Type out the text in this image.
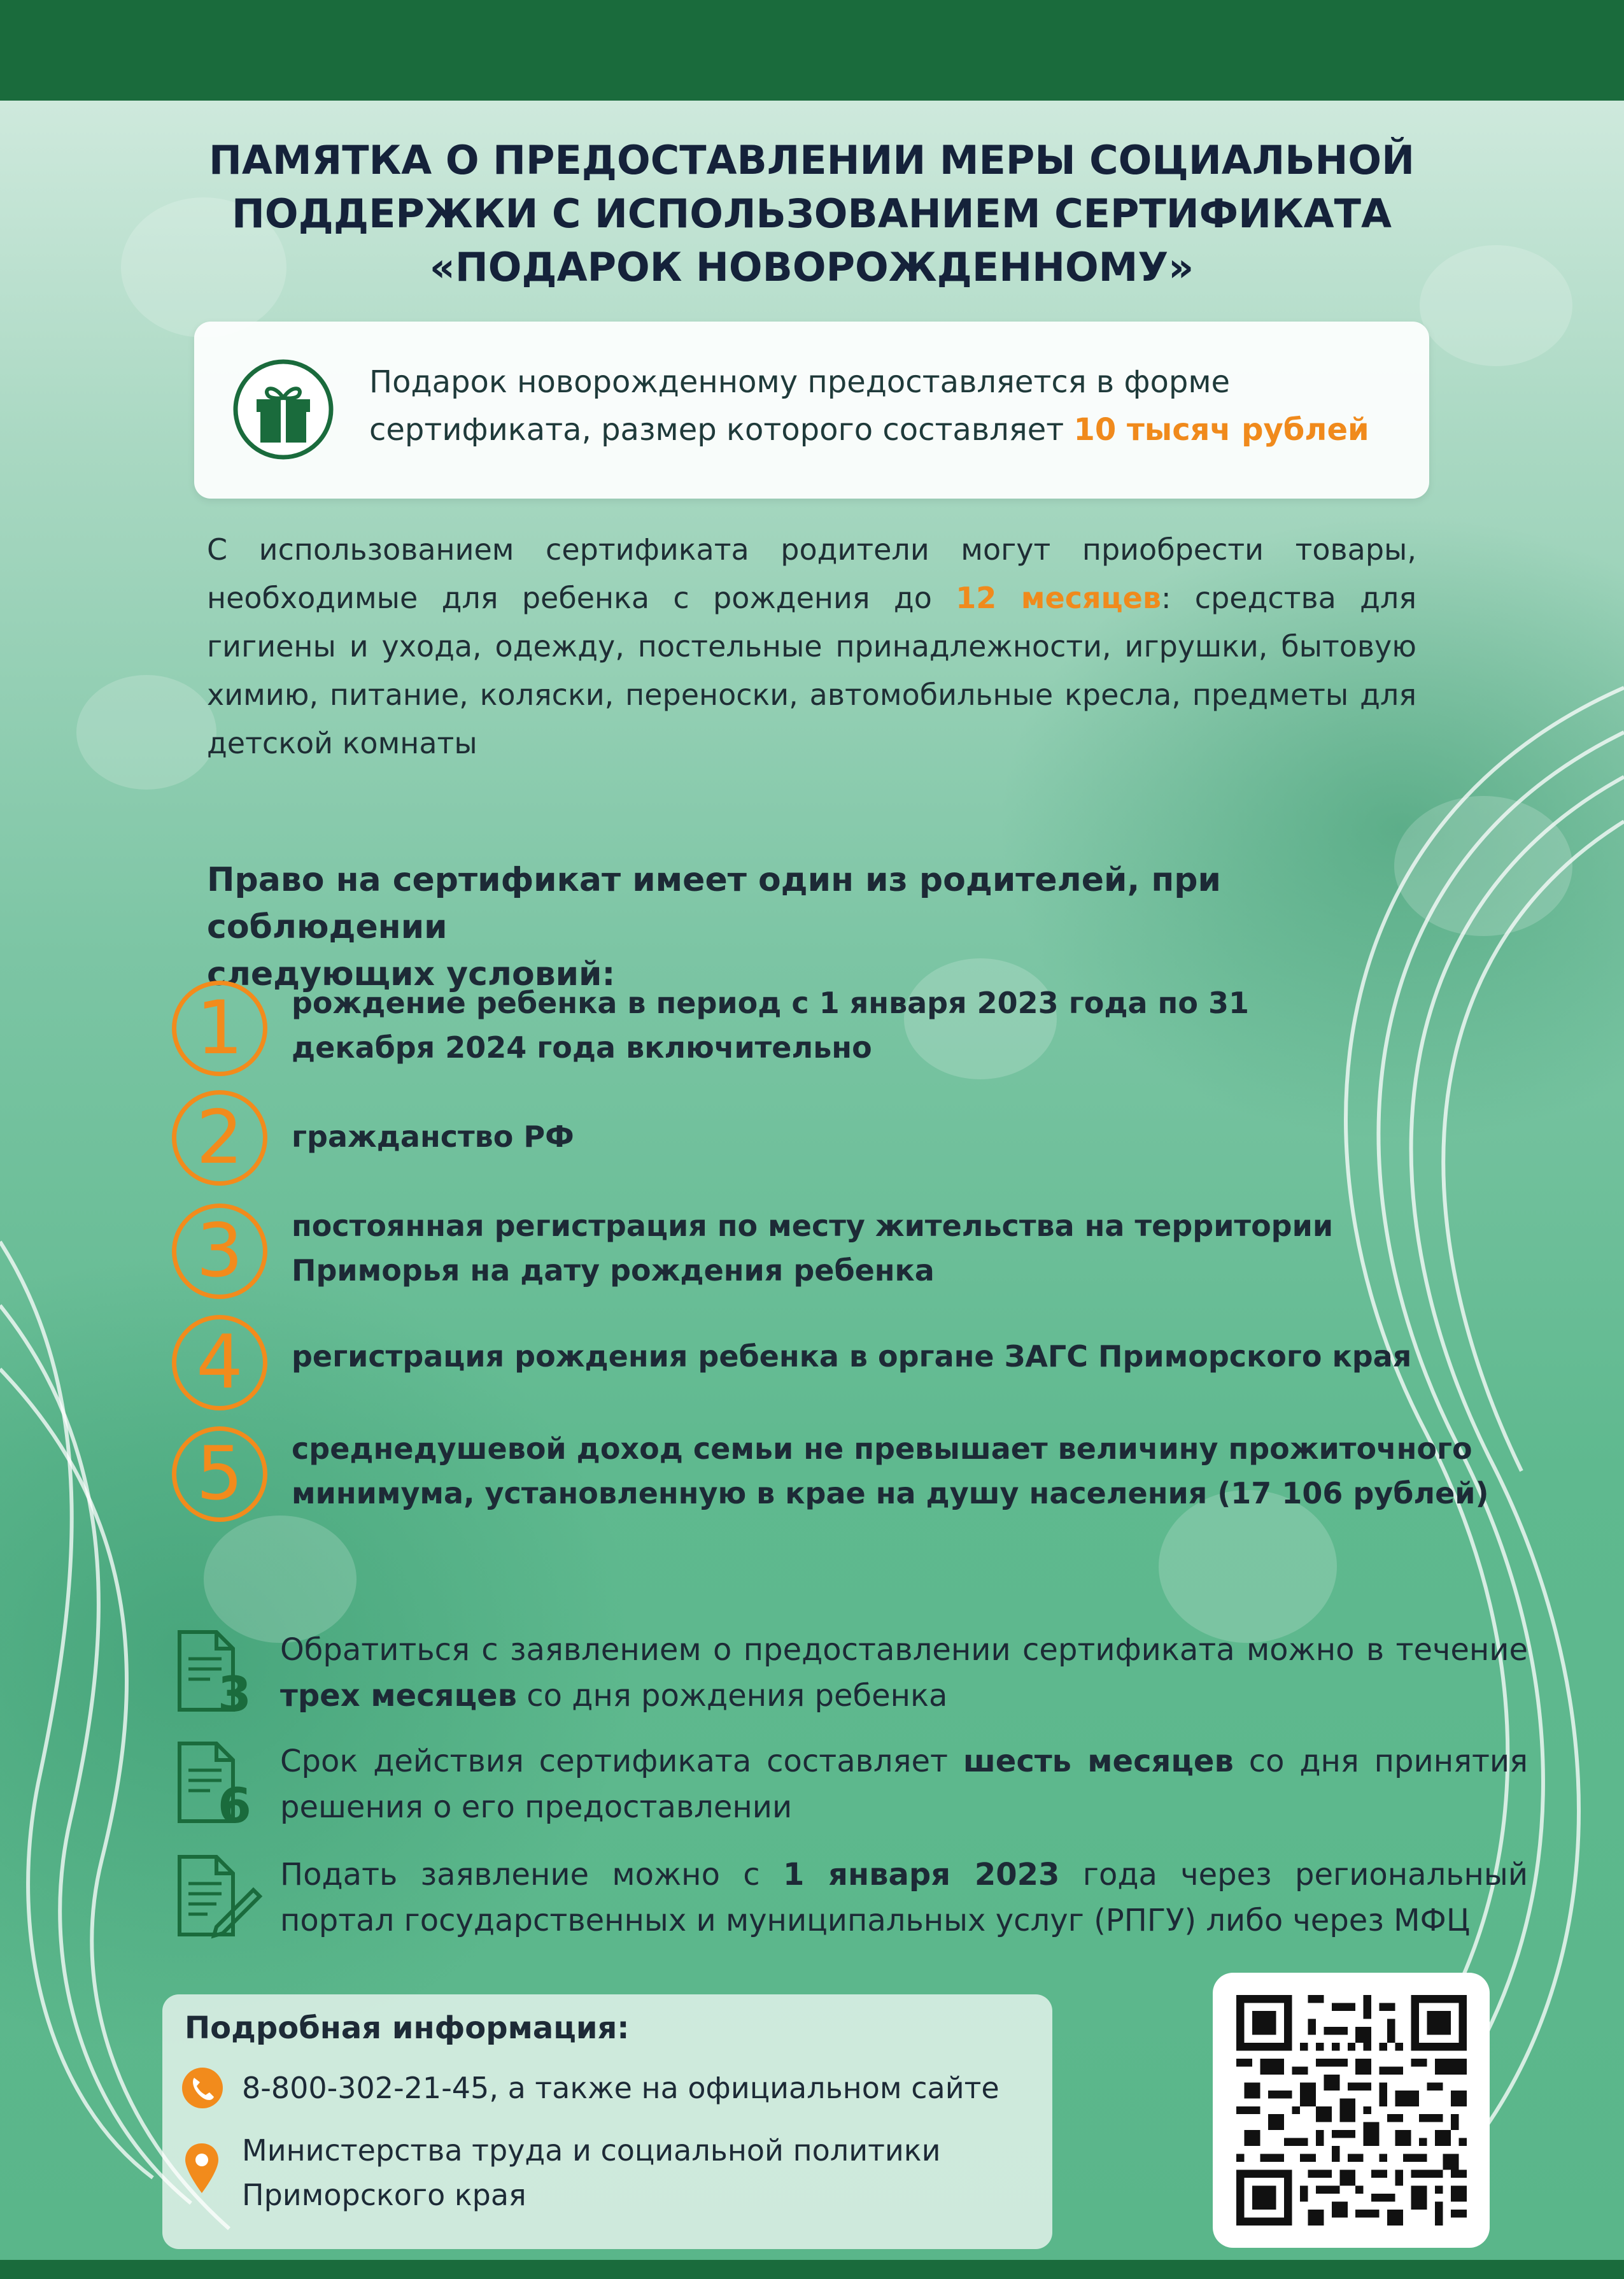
ПАМЯТКА О ПРЕДОСТАВЛЕНИИ МЕРЫ СОЦИАЛЬНОЙ
ПОДДЕРЖКИ С ИСПОЛЬЗОВАНИЕМ СЕРТИФИКАТА
«ПОДАРОК НОВОРОЖДЕННОМУ»
Подарок новорожденному предоставляется в форме
сертификата, размер которого составляет 10 тысяч рублей

С использованием сертификата родители могут приобрести товары, необходимые для ребенка с рождения до 12 месяцев: средства для гигиены и ухода, одежду, постельные принадлежности, игрушки, бытовую химию, питание, коляски, переноски, автомобильные кресла, предметы для детской комнаты

Право на сертификат имеет один из родителей, при соблюдении
следующих условий:
1	рождение ребенка в период с 1 января 2023 года по 31
декабря 2024 года включительно
2	гражданство РФ
3	постоянная регистрация по месту жительства на территории
Приморья на дату рождения ребенка
4	регистрация рождения ребенка в органе ЗАГС Приморского края
5	среднедушевой доход семьи не превышает величину прожиточного
минимума, установленную в крае на душу населения (17 106 рублей)
3
Обратиться с заявлением о предоставлении сертификата можно в течение трех месяцев со дня рождения ребенка
6
Срок действия сертификата составляет шесть месяцев со дня принятия решения о его предоставлении
Подать заявление можно с 1 января 2023 года через региональный портал государственных и муниципальных услуг (РПГУ) либо через МФЦ
Подробная информация:
8-800-302-21-45, а также на официальном сайте
Министерства труда и социальной политики
Приморского края
